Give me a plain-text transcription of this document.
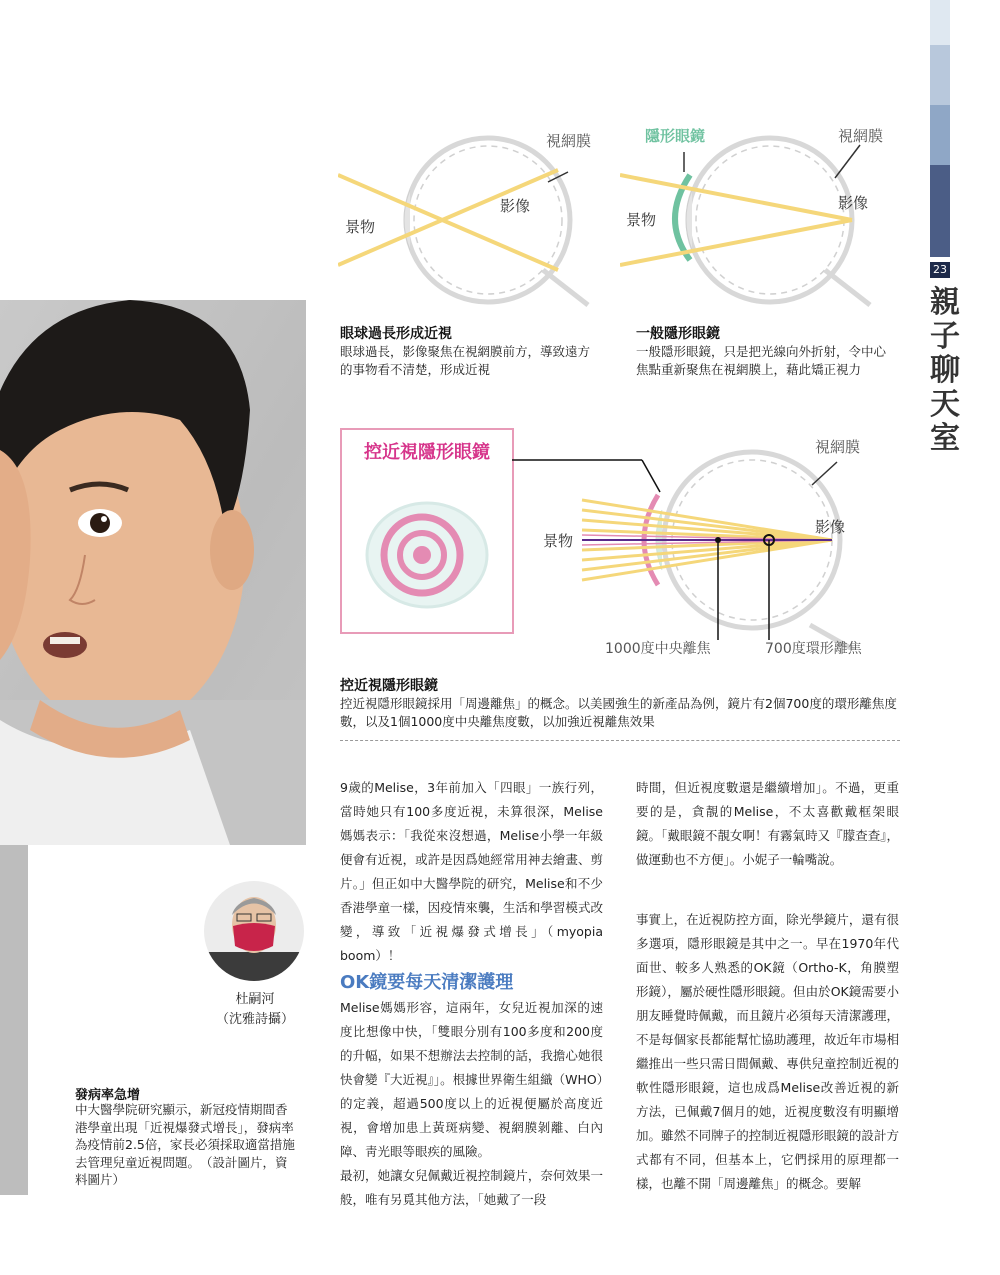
23
親
子
聊
天
室
視網膜
影像
景物
眼球過長形成近視
眼球過長，影像聚焦在視網膜前方，導致遠方的事物看不清楚，形成近視
隱形眼鏡	視網膜
影像
景物
一般隱形眼鏡
一般隱形眼鏡，只是把光線向外折射，令中心焦點重新聚焦在視網膜上，藉此矯正視力
控近視隱形眼鏡	視網膜
影像
景物
1000度中央離焦	700度環形離焦
控近視隱形眼鏡
控近視隱形眼鏡採用「周邊離焦」的概念。以美國強生的新產品為例，鏡片有2個700度的環形離焦度數，以及1個1000度中央離焦度數，以加強近視離焦效果

9歲的Melise，3年前加入「四眼」一族行列，當時她只有100多度近視，未算很深，Melise媽媽表示：「我從來沒想過，Melise小學一年級便會有近視，或許是因爲她經常用神去繪畫、剪片。」但正如中大醫學院的研究，Melise和不少香港學童一樣，因疫情來襲，生活和學習模式改變，導致「近視爆發式增長」（myopia boom）！

OK鏡要每天清潔護理

Melise媽媽形容，這兩年，女兒近視加深的速度比想像中快，「雙眼分別有100多度和200度的升幅，如果不想辦法去控制的話，我擔心她很快會變『大近視』」。根據世界衛生組織（WHO）的定義，超過500度以上的近視便屬於高度近視，會增加患上黃斑病變、視網膜剝離、白內障、靑光眼等眼疾的風險。

最初，她讓女兒佩戴近視控制鏡片，奈何效果一般，唯有另覓其他方法，「她戴了一段

時間，但近視度數還是繼續增加」。不過，更重要的是，貪靚的Melise，不太喜歡戴框架眼鏡。「戴眼鏡不靚女啊！有霧氣時又『朦查查』，做運動也不方便」。小妮子一輪嘴說。

事實上，在近視防控方面，除光學鏡片，還有很多選項，隱形眼鏡是其中之一。早在1970年代面世、較多人熟悉的OK鏡（Ortho-K，角膜塑形鏡），屬於硬性隱形眼鏡。但由於OK鏡需要小朋友睡覺時佩戴，而且鏡片必須每天清潔護理，不是每個家長都能幫忙協助護理，故近年市場相繼推出一些只需日間佩戴、專供兒童控制近視的軟性隱形眼鏡，這也成爲Melise改善近視的新方法，已佩戴7個月的她，近視度數沒有明顯增加。雖然不同牌子的控制近視隱形眼鏡的設計方式都有不同，但基本上，它們採用的原理都一樣，也離不開「周邊離焦」的概念。要解

杜嗣河
（沈雅詩攝）
發病率急增
中大醫學院研究顯示，新冠疫情期間香港學童出現「近視爆發式增長」，發病率為疫情前2.5倍，家長必須採取適當措施去管理兒童近視問題。　（設計圖片，資料圖片）
